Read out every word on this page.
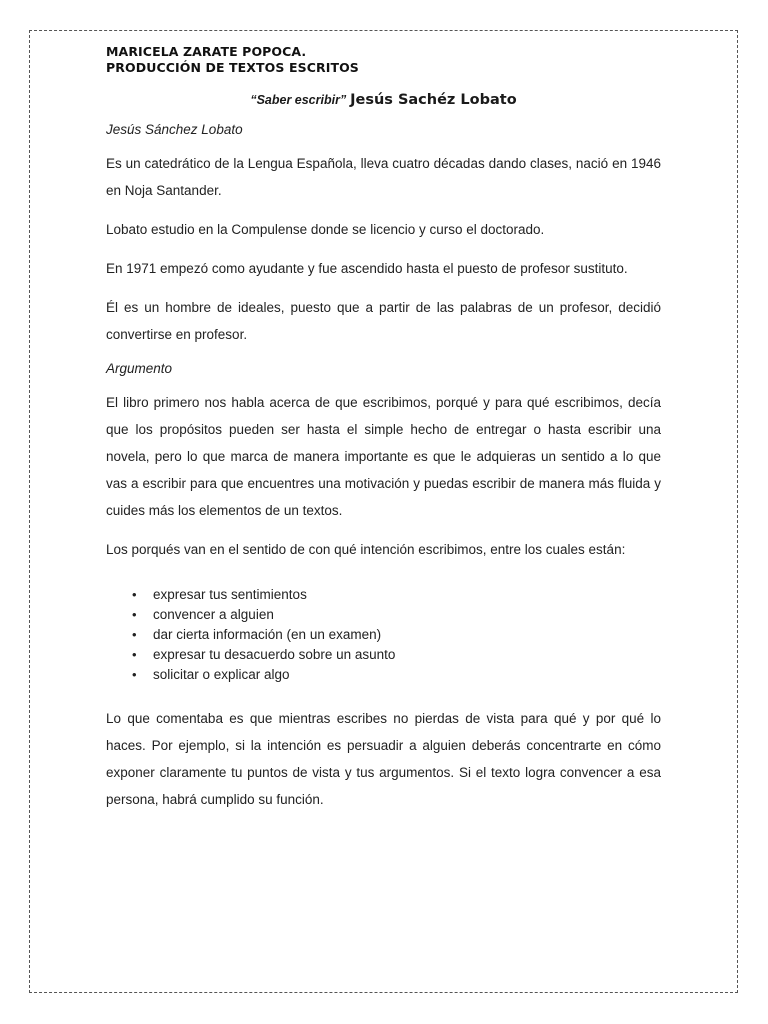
MARICELA ZARATE POPOCA.
PRODUCCIÓN DE TEXTOS ESCRITOS
“Saber escribir” Jesús Sachéz Lobato
Jesús Sánchez Lobato

Es un catedrático de la Lengua Española, lleva cuatro décadas dando clases, nació en 1946 en Noja Santander.

Lobato estudio en la Compulense donde se licencio y curso el doctorado.

En 1971 empezó como ayudante y fue ascendido hasta el puesto de profesor sustituto.

Él es un hombre de ideales, puesto que a partir de las palabras de un profesor, decidió convertirse en profesor.

Argumento

El libro primero nos habla acerca de que escribimos, porqué y para qué escribimos, decía que los propósitos pueden ser hasta el simple hecho de entregar o hasta escribir una novela, pero lo que marca de manera importante es que le adquieras un sentido a lo que vas a escribir para que encuentres una motivación y puedas escribir de manera más fluida y cuides más los elementos de un textos.

Los porqués van en el sentido de con qué intención escribimos, entre los cuales están:

• expresar tus sentimientos
• convencer a alguien
• dar cierta información (en un examen)
• expresar tu desacuerdo sobre un asunto
• solicitar o explicar algo

Lo que comentaba es que mientras escribes no pierdas de vista para qué y por qué lo haces. Por ejemplo, si la intención es persuadir a alguien deberás concentrarte en cómo exponer claramente tu puntos de vista y tus argumentos. Si el texto logra convencer a esa persona, habrá cumplido su función.
